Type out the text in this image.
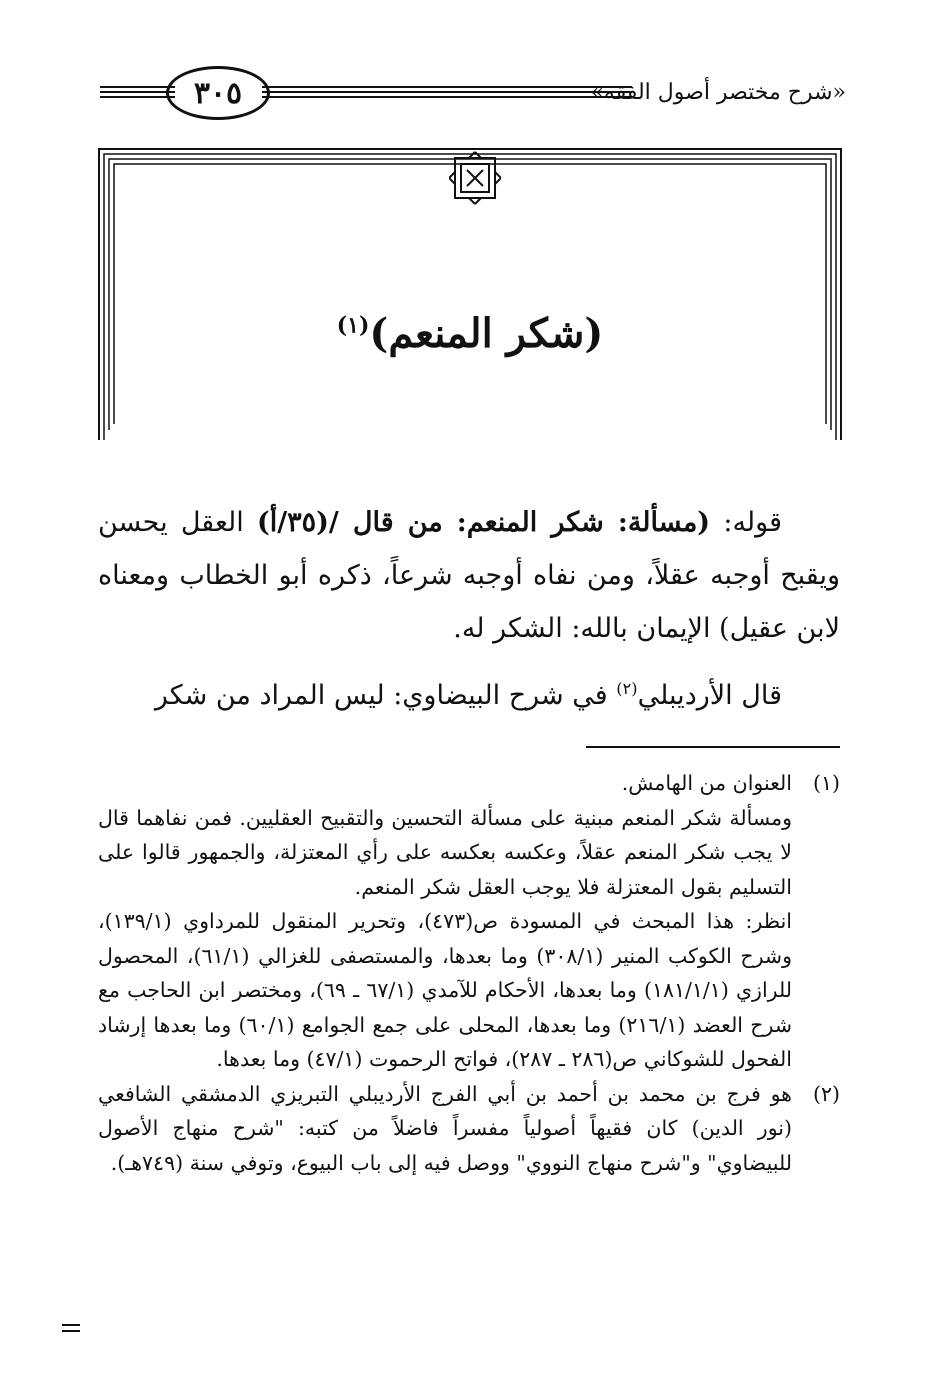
٣٠٥	«شرح مختصر أصول الفقه»
(شكر المنعم)$^{(١)}$

قوله: (مسألة: شكر المنعم: من قال /(٣٥/أ) العقل يحسن ويقبح أوجبه عقلاً، ومن نفاه أوجبه شرعاً، ذكره أبو الخطاب ومعناه لابن عقيل) الإيمان بالله: الشكر له.

قال الأرديبلي$^{(٢)}$ في شرح البيضاوي: ليس المراد من شكر

(١)

العنوان من الهامش.

ومسألة شكر المنعم مبنية على مسألة التحسين والتقبيح العقليين. فمن نفاهما قال لا يجب شكر المنعم عقلاً، وعكسه بعكسه على رأي المعتزلة، والجمهور قالوا على التسليم بقول المعتزلة فلا يوجب العقل شكر المنعم.

انظر: هذا المبحث في المسودة ص(٤٧٣)، وتحرير المنقول للمرداوي (١٣٩/١)، وشرح الكوكب المنير (٣٠٨/١) وما بعدها، والمستصفى للغزالي (٦١/١)، المحصول للرازي (١٨١/١/١) وما بعدها، الأحكام للآمدي (٦٧/١ ـ ٦٩)، ومختصر ابن الحاجب مع شرح العضد (٢١٦/١) وما بعدها، المحلى على جمع الجوامع (٦٠/١) وما بعدها إرشاد الفحول للشوكاني ص(٢٨٦ ـ ٢٨٧)، فواتح الرحموت (٤٧/١) وما بعدها.

(٢)

هو فرج بن محمد بن أحمد بن أبي الفرج الأرديبلي التبريزي الدمشقي الشافعي (نور الدين) كان فقيهاً أصولياً مفسراً فاضلاً من كتبه: "شرح منهاج الأصول للبيضاوي" و"شرح منهاج النووي" ووصل فيه إلى باب البيوع، وتوفي سنة (٧٤٩هـ).
